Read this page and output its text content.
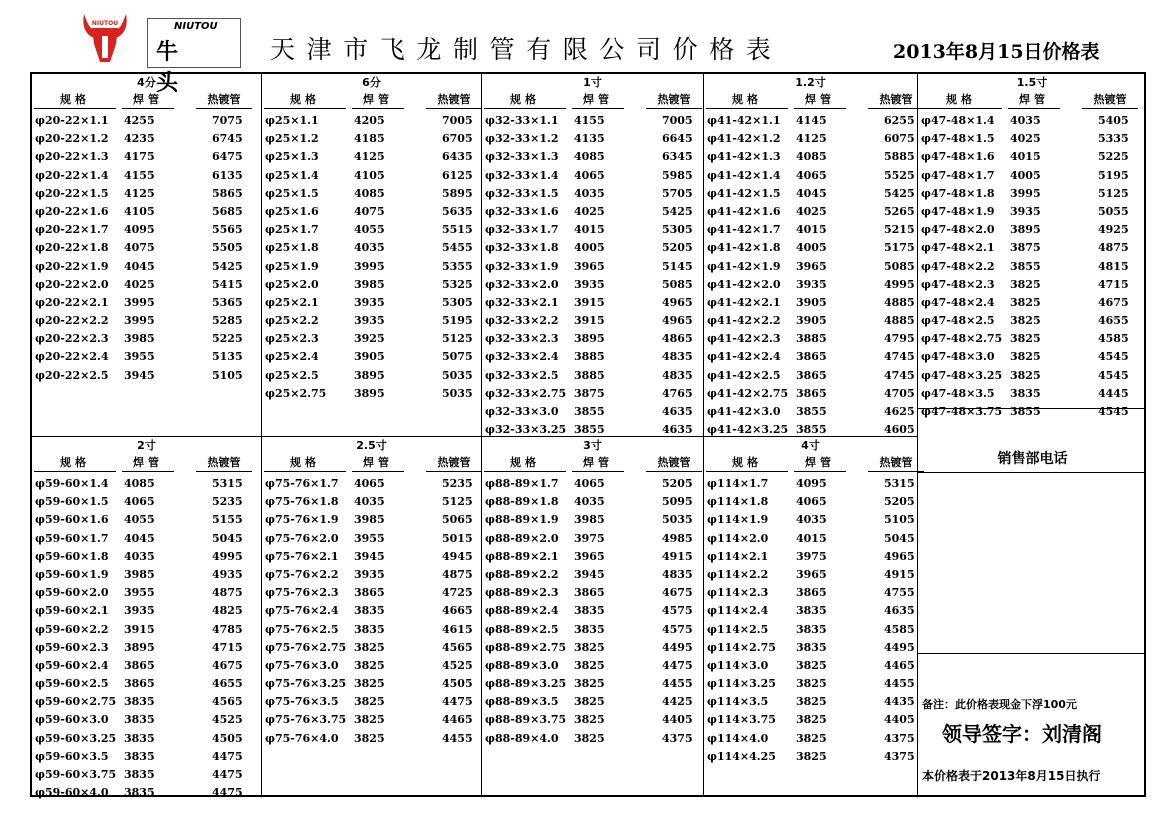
NIUTOU	NIUTOU
牛 头
天津市飞龙制管有限公司价格表	2013年8月15日价格表
4分
规格	焊管	热镀管
φ20-22×1.1 4255	7075
φ20-22×1.2 4235	6745
φ20-22×1.3 4175	6475
φ20-22×1.4 4155	6135
φ20-22×1.5 4125	5865
φ20-22×1.6 4105	5685
φ20-22×1.7 4095	5565
φ20-22×1.8 4075	5505
φ20-22×1.9 4045	5425
φ20-22×2.0 4025	5415
φ20-22×2.1 3995	5365
φ20-22×2.2 3995	5285
φ20-22×2.3 3985	5225
φ20-22×2.4 3955	5135
φ20-22×2.5 3945	5105
6分
规格	焊管	热镀管
φ25×1.1	4205	7005
φ25×1.2	4185	6705
φ25×1.3	4125	6435
φ25×1.4	4105	6125
φ25×1.5	4085	5895
φ25×1.6	4075	5635
φ25×1.7	4055	5515
φ25×1.8	4035	5455
φ25×1.9	3995	5355
φ25×2.0	3985	5325
φ25×2.1	3935	5305
φ25×2.2	3935	5195
φ25×2.3	3925	5125
φ25×2.4	3905	5075
φ25×2.5	3895	5035
φ25×2.75	3895	5035
1寸
规格	焊管	热镀管
φ32-33×1.1 4155	7005
φ32-33×1.2 4135	6645
φ32-33×1.3 4085	6345
φ32-33×1.4 4065	5985
φ32-33×1.5 4035	5705
φ32-33×1.6 4025	5425
φ32-33×1.7 4015	5305
φ32-33×1.8 4005	5205
φ32-33×1.9 3965	5145
φ32-33×2.0 3935	5085
φ32-33×2.1 3915	4965
φ32-33×2.2 3915	4965
φ32-33×2.3 3895	4865
φ32-33×2.4 3885	4835
φ32-33×2.5 3885	4835
φ32-33×2.75 3875	4765
φ32-33×3.0 3855	4635
φ32-33×3.25 3855	4635
1.2寸
规格	焊管	热镀管
φ41-42×1.1 4145	6255
φ41-42×1.2 4125	6075
φ41-42×1.3 4085	5885
φ41-42×1.4 4065	5525
φ41-42×1.5 4045	5425
φ41-42×1.6 4025	5265
φ41-42×1.7 4015	5215
φ41-42×1.8 4005	5175
φ41-42×1.9 3965	5085
φ41-42×2.0 3935	4995
φ41-42×2.1 3905	4885
φ41-42×2.2 3905	4885
φ41-42×2.3 3885	4795
φ41-42×2.4 3865	4745
φ41-42×2.5 3865	4745
φ41-42×2.75 3865	4705
φ41-42×3.0 3855	4625
φ41-42×3.25 3855	4605
1.5寸
规格	焊管	热镀管
φ47-48×1.4 4035	5405
φ47-48×1.5 4025	5335
φ47-48×1.6 4015	5225
φ47-48×1.7 4005	5195
φ47-48×1.8 3995	5125
φ47-48×1.9 3935	5055
φ47-48×2.0 3895	4925
φ47-48×2.1 3875	4875
φ47-48×2.2 3855	4815
φ47-48×2.3 3825	4715
φ47-48×2.4 3825	4675
φ47-48×2.5 3825	4655
φ47-48×2.75 3825	4585
φ47-48×3.0 3825	4545
φ47-48×3.25 3825	4545
φ47-48×3.5 3835	4445
φ47-48×3.75 3855	4545
2寸
规格	焊管	热镀管
φ59-60×1.4 4085	5315
φ59-60×1.5 4065	5235
φ59-60×1.6 4055	5155
φ59-60×1.7 4045	5045
φ59-60×1.8 4035	4995
φ59-60×1.9 3985	4935
φ59-60×2.0 3955	4875
φ59-60×2.1 3935	4825
φ59-60×2.2 3915	4785
φ59-60×2.3 3895	4715
φ59-60×2.4 3865	4675
φ59-60×2.5 3865	4655
φ59-60×2.75 3835	4565
φ59-60×3.0 3835	4525
φ59-60×3.25 3835	4505
φ59-60×3.5 3835	4475
φ59-60×3.75 3835	4475
φ59-60×4.0 3835	4475
2.5寸
规格	焊管	热镀管
φ75-76×1.7 4065	5235
φ75-76×1.8 4035	5125
φ75-76×1.9 3985	5065
φ75-76×2.0 3955	5015
φ75-76×2.1 3945	4945
φ75-76×2.2 3935	4875
φ75-76×2.3 3865	4725
φ75-76×2.4 3835	4665
φ75-76×2.5 3835	4615
φ75-76×2.75 3825	4565
φ75-76×3.0 3825	4525
φ75-76×3.25 3825	4505
φ75-76×3.5 3825	4475
φ75-76×3.75 3825	4465
φ75-76×4.0 3825	4455
3寸
规格	焊管	热镀管
φ88-89×1.7 4065	5205
φ88-89×1.8 4035	5095
φ88-89×1.9 3985	5035
φ88-89×2.0 3975	4985
φ88-89×2.1 3965	4915
φ88-89×2.2 3945	4835
φ88-89×2.3 3865	4675
φ88-89×2.4 3835	4575
φ88-89×2.5 3835	4575
φ88-89×2.75 3825	4495
φ88-89×3.0 3825	4475
φ88-89×3.25 3825	4455
φ88-89×3.5 3825	4425
φ88-89×3.75 3825	4405
φ88-89×4.0 3825	4375
4寸
规格	焊管	热镀管
φ114×1.7	4095	5315
φ114×1.8	4065	5205
φ114×1.9	4035	5105
φ114×2.0	4015	5045
φ114×2.1	3975	4965
φ114×2.2	3965	4915
φ114×2.3	3865	4755
φ114×2.4	3835	4635
φ114×2.5	3835	4585
φ114×2.75 3835	4495
φ114×3.0	3825	4465
φ114×3.25 3825	4455
φ114×3.5	3825	4435
φ114×3.75 3825	4405
φ114×4.0	3825	4375
φ114×4.25 3825	4375
销售部电话
备注：此价格表现金下浮100元
领导签字：刘清阁
本价格表于2013年8月15日执行
